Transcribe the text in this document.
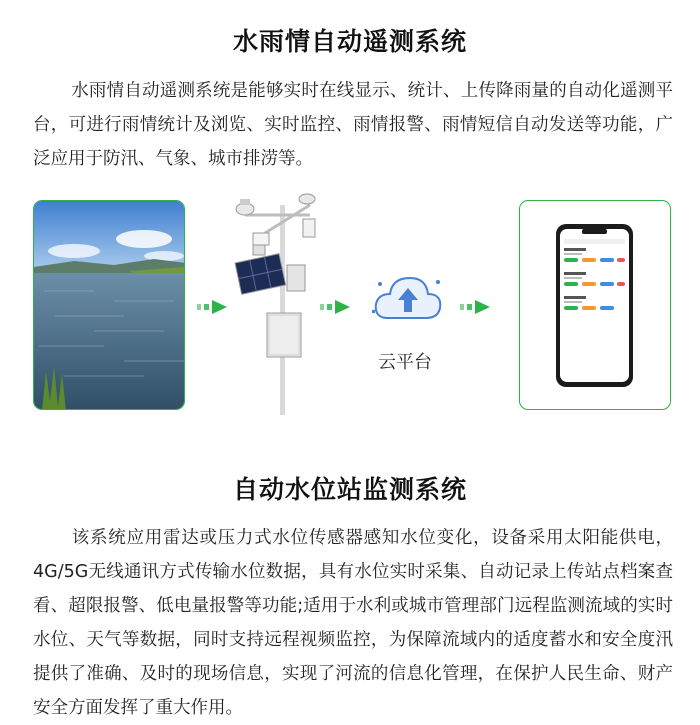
水雨情自动遥测系统
水雨情自动遥测系统是能够实时在线显示、统计、上传降雨量的自动化遥测平台，可进行雨情统计及浏览、实时监控、雨情报警、雨情短信自动发送等功能，广泛应用于防汛、气象、城市排涝等。
云平台
自动水位站监测系统
该系统应用雷达或压力式水位传感器感知水位变化，设备采用太阳能供电，4G/5G无线通讯方式传输水位数据，具有水位实时采集、自动记录上传站点档案查看、超限报警、低电量报警等功能;适用于水利或城市管理部门远程监测流域的实时水位、天气等数据，同时支持远程视频监控，为保障流域内的适度蓄水和安全度汛提供了准确、及时的现场信息，实现了河流的信息化管理，在保护人民生命、财产安全方面发挥了重大作用。
